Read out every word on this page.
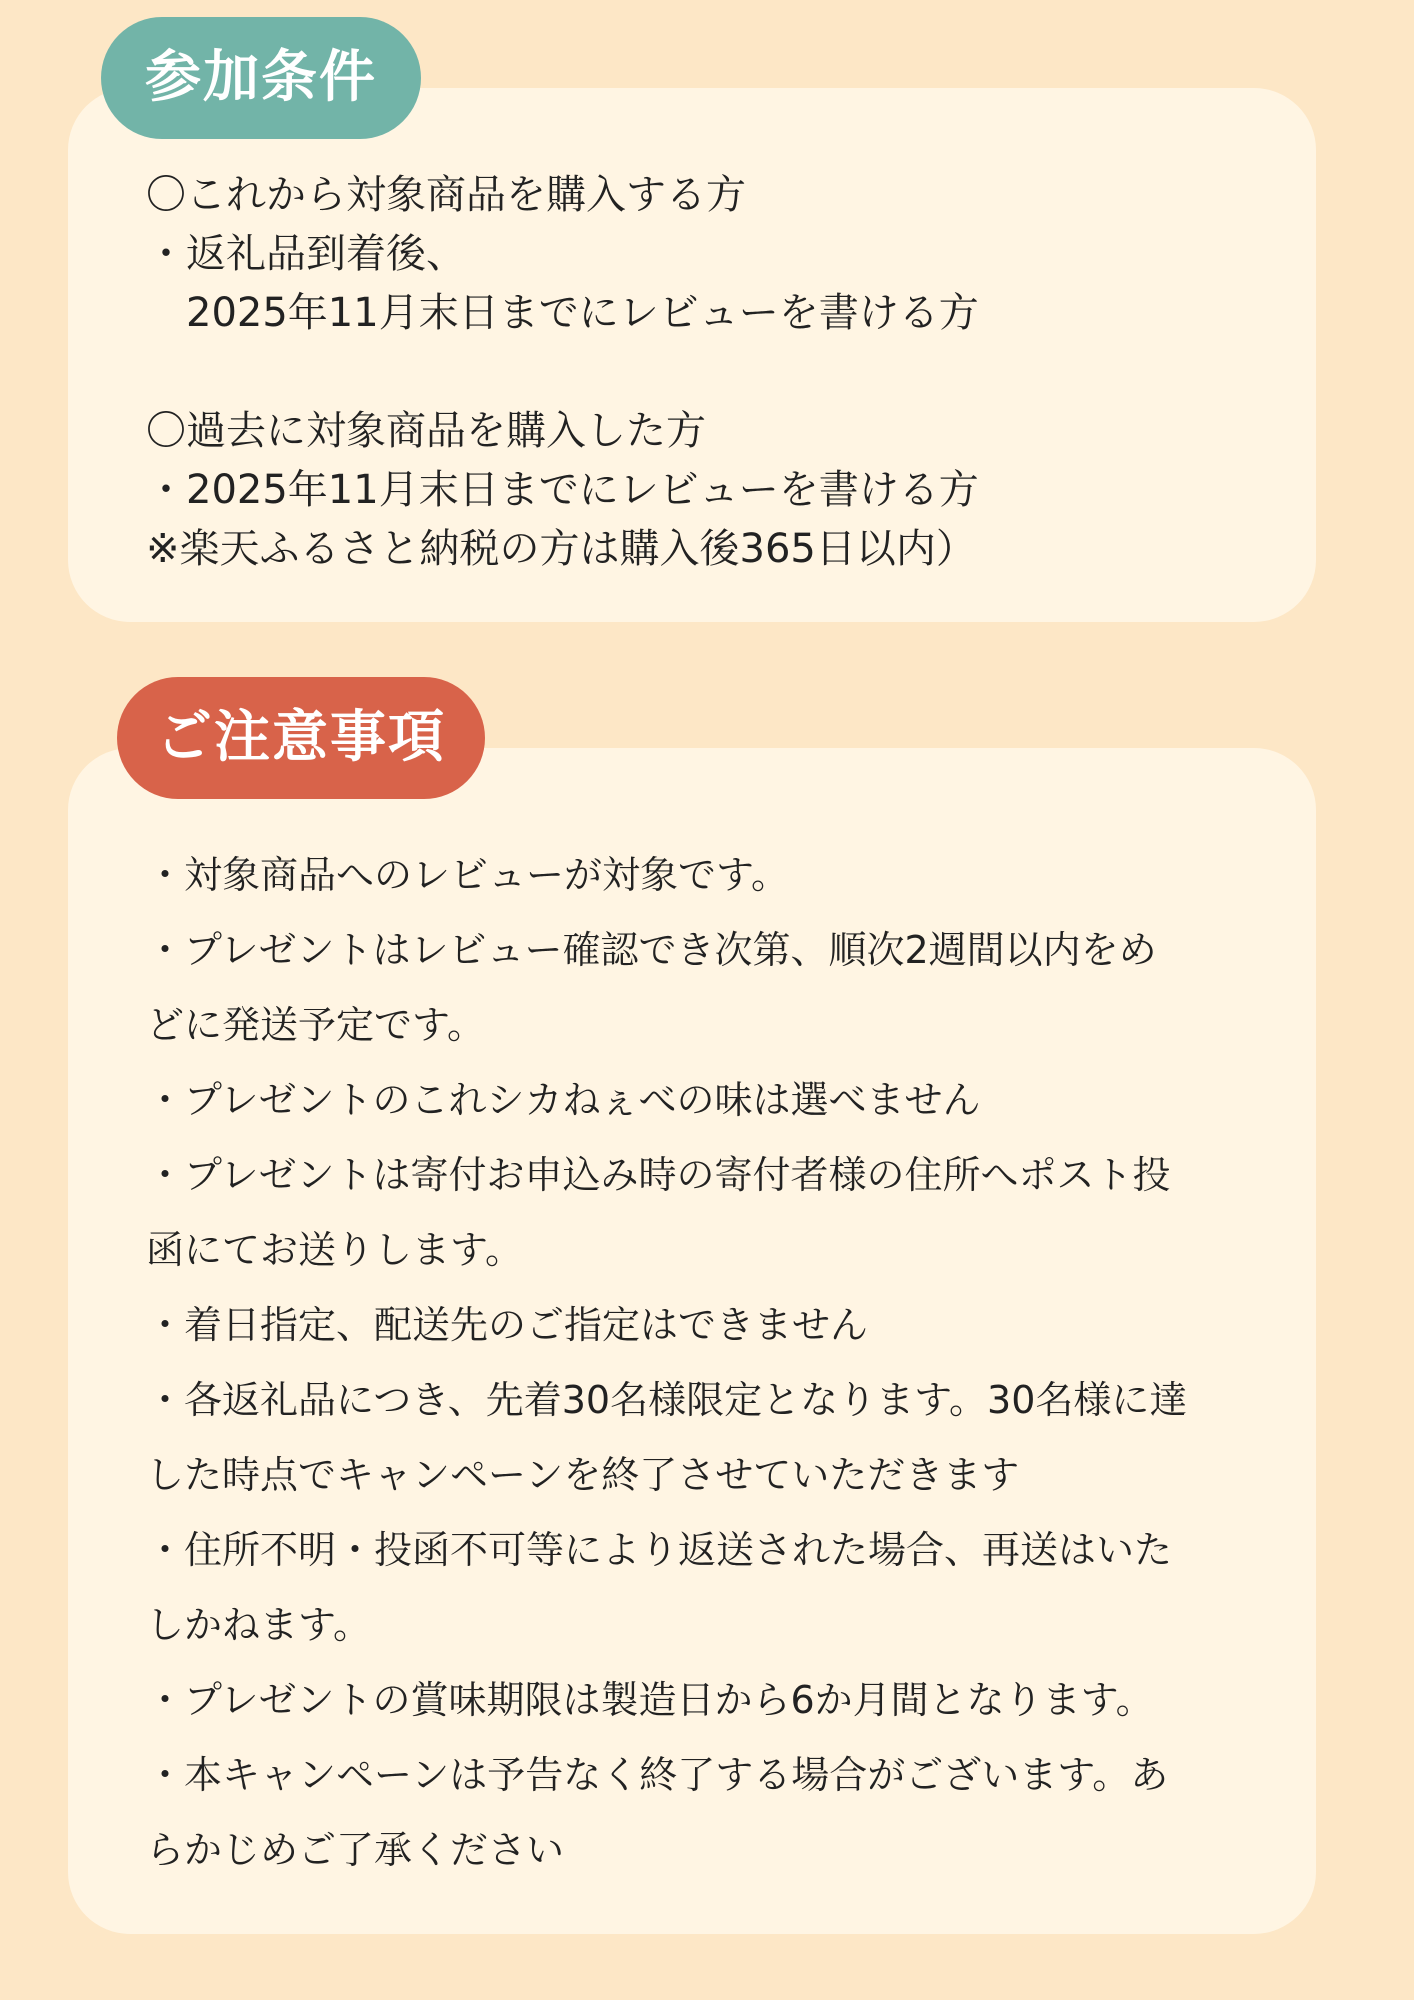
参加条件
〇これから対象商品を購入する方
・返礼品到着後、
　2025年11月末日までにレビューを書ける方
〇過去に対象商品を購入した方
・2025年11月末日までにレビューを書ける方
※楽天ふるさと納税の方は購入後365日以内）
ご注意事項
・対象商品へのレビューが対象です。
・プレゼントはレビュー確認でき次第、順次2週間以内をめ
どに発送予定です。
・プレゼントのこれシカねぇべの味は選べません
・プレゼントは寄付お申込み時の寄付者様の住所へポスト投
函にてお送りします。
・着日指定、配送先のご指定はできません
・各返礼品につき、先着30名様限定となります。30名様に達
した時点でキャンペーンを終了させていただきます
・住所不明・投函不可等により返送された場合、再送はいた
しかねます。
・プレゼントの賞味期限は製造日から6か月間となります。
・本キャンペーンは予告なく終了する場合がございます。あ
らかじめご了承ください
